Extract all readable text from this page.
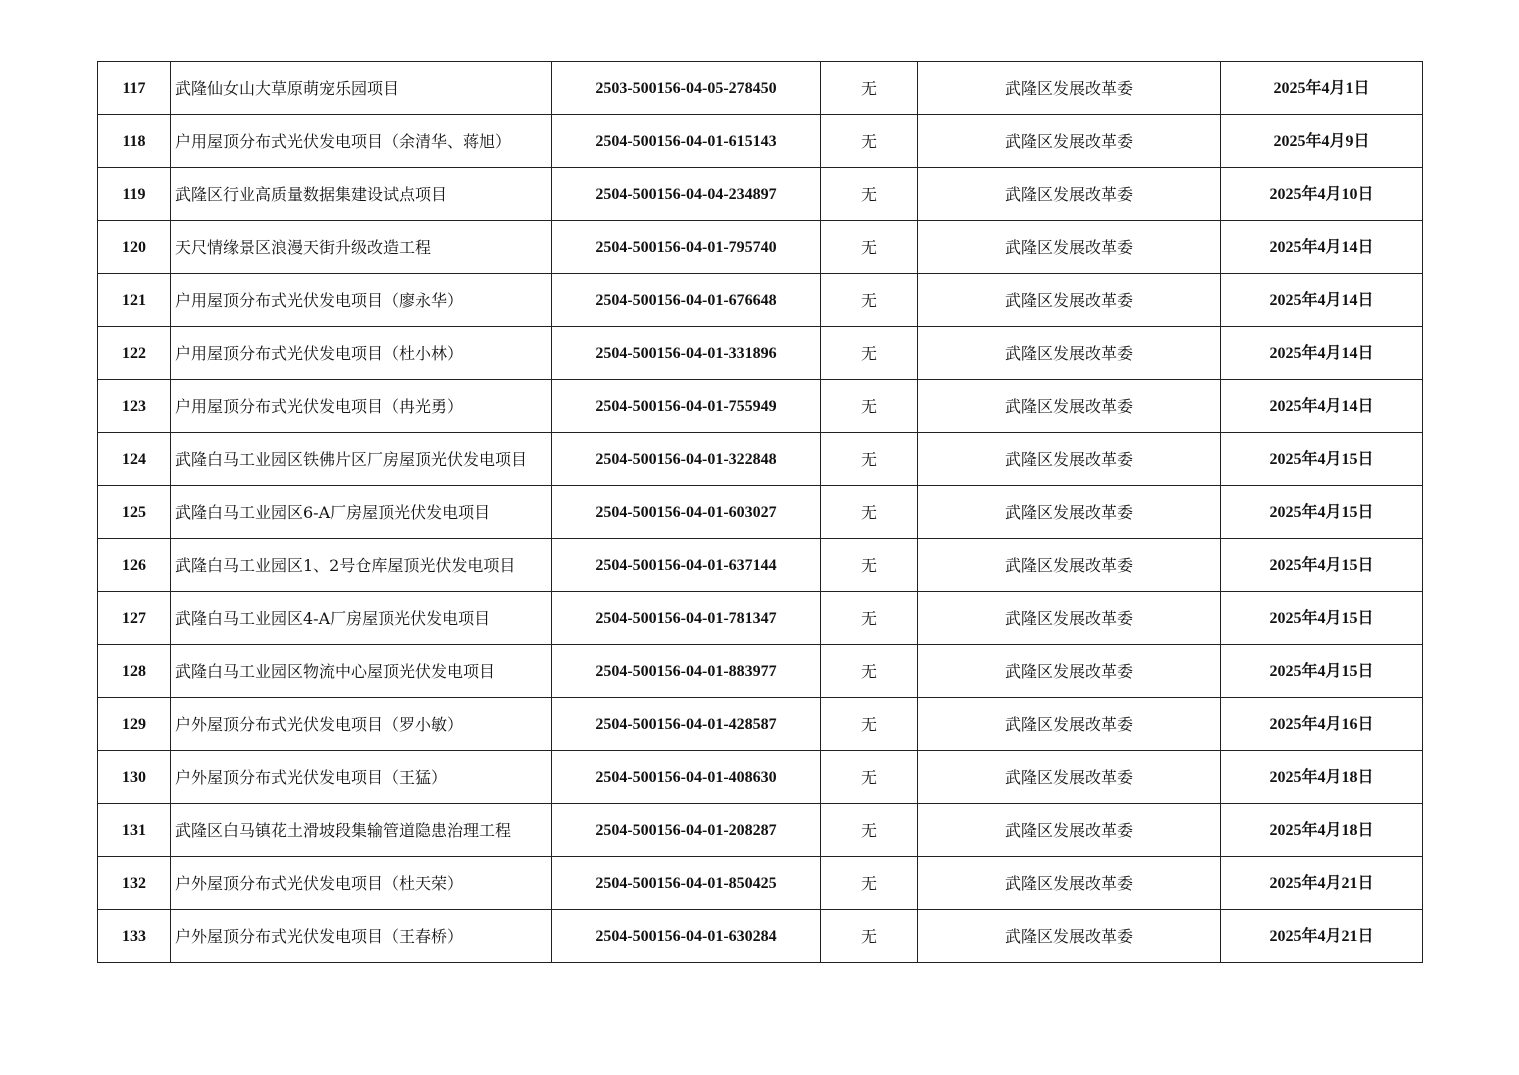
117	武隆仙女山大草原萌宠乐园项目	2503-500156-04-05-278450	无	武隆区发展改革委	2025年4月1日
118	户用屋顶分布式光伏发电项目（余清华、蒋旭）	2504-500156-04-01-615143	无	武隆区发展改革委	2025年4月9日
119	武隆区行业高质量数据集建设试点项目	2504-500156-04-04-234897	无	武隆区发展改革委	2025年4月10日
120	天尺情缘景区浪漫天街升级改造工程	2504-500156-04-01-795740	无	武隆区发展改革委	2025年4月14日
121	户用屋顶分布式光伏发电项目（廖永华）	2504-500156-04-01-676648	无	武隆区发展改革委	2025年4月14日
122	户用屋顶分布式光伏发电项目（杜小林）	2504-500156-04-01-331896	无	武隆区发展改革委	2025年4月14日
123	户用屋顶分布式光伏发电项目（冉光勇）	2504-500156-04-01-755949	无	武隆区发展改革委	2025年4月14日
124	武隆白马工业园区铁佛片区厂房屋顶光伏发电项目	2504-500156-04-01-322848	无	武隆区发展改革委	2025年4月15日
125	武隆白马工业园区6-A厂房屋顶光伏发电项目	2504-500156-04-01-603027	无	武隆区发展改革委	2025年4月15日
126	武隆白马工业园区1、2号仓库屋顶光伏发电项目	2504-500156-04-01-637144	无	武隆区发展改革委	2025年4月15日
127	武隆白马工业园区4-A厂房屋顶光伏发电项目	2504-500156-04-01-781347	无	武隆区发展改革委	2025年4月15日
128	武隆白马工业园区物流中心屋顶光伏发电项目	2504-500156-04-01-883977	无	武隆区发展改革委	2025年4月15日
129	户外屋顶分布式光伏发电项目（罗小敏）	2504-500156-04-01-428587	无	武隆区发展改革委	2025年4月16日
130	户外屋顶分布式光伏发电项目（王猛）	2504-500156-04-01-408630	无	武隆区发展改革委	2025年4月18日
131	武隆区白马镇花土滑坡段集输管道隐患治理工程	2504-500156-04-01-208287	无	武隆区发展改革委	2025年4月18日
132	户外屋顶分布式光伏发电项目（杜天荣）	2504-500156-04-01-850425	无	武隆区发展改革委	2025年4月21日
133	户外屋顶分布式光伏发电项目（王春桥）	2504-500156-04-01-630284	无	武隆区发展改革委	2025年4月21日
